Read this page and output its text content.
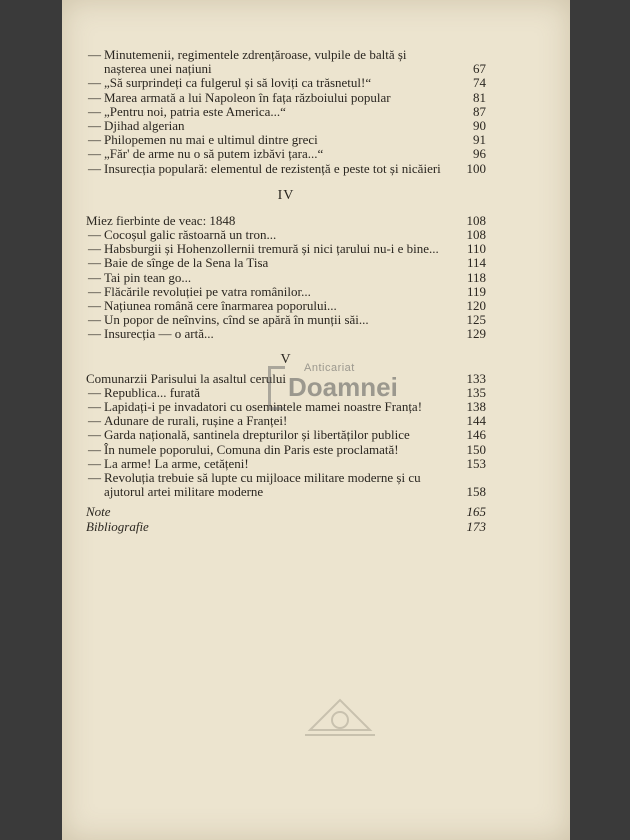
— Minutemenii, regimentele zdrențăroase, vulpile de baltă și nașterea unei națiuni	67
— „Să surprindeți ca fulgerul și să loviți ca trăsnetul!“	74
— Marea armată a lui Napoleon în fața războiului popular	81
— „Pentru noi, patria este America...“	87
— Djihad algerian	90
— Philopemen nu mai e ultimul dintre greci	91
— „Făr' de arme nu o să putem izbăvi țara...“	96
— Insurecția populară: elementul de rezistență e peste tot și nicăieri 100
IV
Miez fierbinte de veac: 1848	108
— Cocoșul galic răstoarnă un tron...	108
— Habsburgii și Hohenzollernii tremură și nici țarului nu-i e bine... 110
— Baie de sînge de la Sena la Tisa	114
— Tai pin tean go...	118
— Flăcările revoluției pe vatra românilor...	119
— Națiunea română cere înarmarea poporului...	120
— Un popor de neînvins, cînd se apără în munții săi...	125
— Insurecția — o artă...	129
V
Comunarzii Parisului la asaltul cerului	133
— Republica... furată	135
— Lapidați-i pe invadatori cu osemintele mamei noastre Franța!	138
— Adunare de rurali, rușine a Franței!	144
— Garda națională, santinela drepturilor și libertăților publice	146
— În numele poporului, Comuna din Paris este proclamată!	150
— La arme! La arme, cetățeni!	153
— Revoluția trebuie să lupte cu mijloace militare moderne și cu ajutorul artei militare moderne	158
Note	165
Bibliografie	173
Anticariat
Doamnei
